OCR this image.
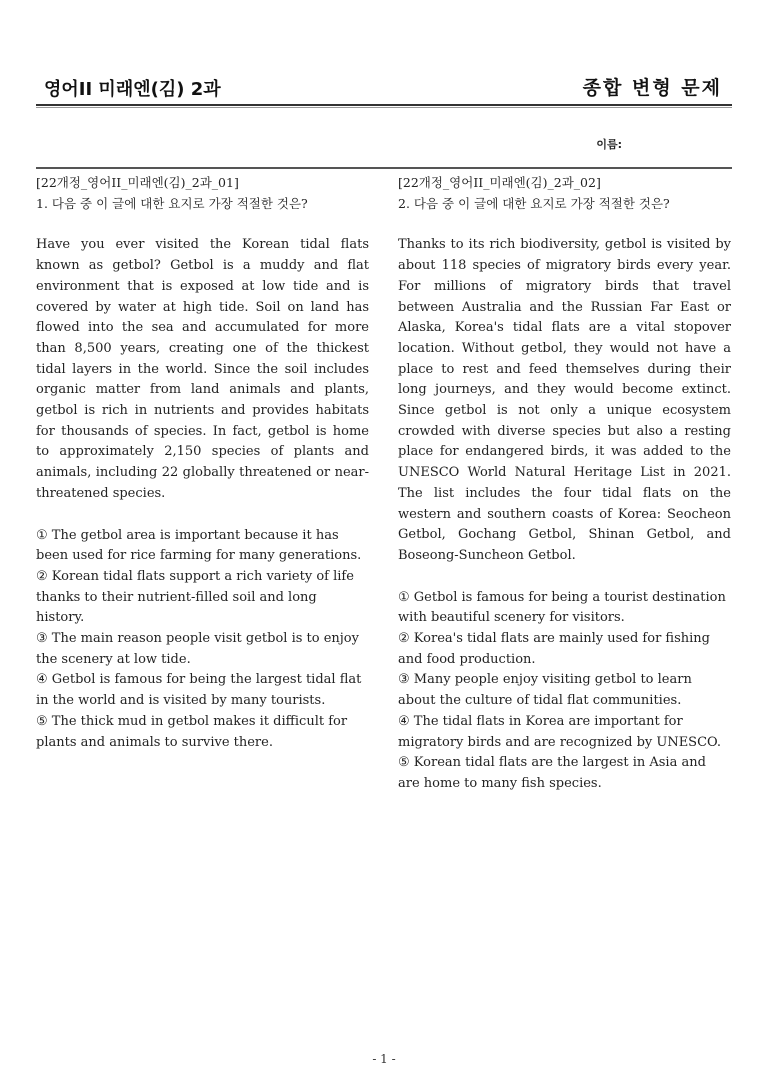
영어II 미래엔(김) 2과	종합 변형 문제
이름:
[22개정_영어II_미래엔(김)_2과_01]
1. 다음 중 이 글에 대한 요지로 가장 적절한 것은?
Have you ever visited the Korean tidal flats known as getbol? Getbol is a muddy and flat environment that is exposed at low tide and is covered by water at high tide. Soil on land has flowed into the sea and accumulated for more than 8,500 years, creating one of the thickest tidal layers in the world. Since the soil includes organic matter from land animals and plants, getbol is rich in nutrients and provides habitats for thousands of species. In fact, getbol is home to approximately 2,150 species of plants and animals, including 22 globally threatened or near-threatened species.
① The getbol area is important because it has been used for rice farming for many generations.
② Korean tidal flats support a rich variety of life thanks to their nutrient-filled soil and long history.
③ The main reason people visit getbol is to enjoy the scenery at low tide.
④ Getbol is famous for being the largest tidal flat in the world and is visited by many tourists.
⑤ The thick mud in getbol makes it difficult for plants and animals to survive there.
[22개정_영어II_미래엔(김)_2과_02]
2. 다음 중 이 글에 대한 요지로 가장 적절한 것은?
Thanks to its rich biodiversity, getbol is visited by about 118 species of migratory birds every year. For millions of migratory birds that travel between Australia and the Russian Far East or Alaska, Korea's tidal flats are a vital stopover location. Without getbol, they would not have a place to rest and feed themselves during their long journeys, and they would become extinct. Since getbol is not only a unique ecosystem crowded with diverse species but also a resting place for endangered birds, it was added to the UNESCO World Natural Heritage List in 2021. The list includes the four tidal flats on the western and southern coasts of Korea: Seocheon Getbol, Gochang Getbol, Shinan Getbol, and Boseong-Suncheon Getbol.
① Getbol is famous for being a tourist destination with beautiful scenery for visitors.
② Korea's tidal flats are mainly used for fishing and food production.
③ Many people enjoy visiting getbol to learn about the culture of tidal flat communities.
④ The tidal flats in Korea are important for migratory birds and are recognized by UNESCO.
⑤ Korean tidal flats are the largest in Asia and are home to many fish species.
- 1 -
